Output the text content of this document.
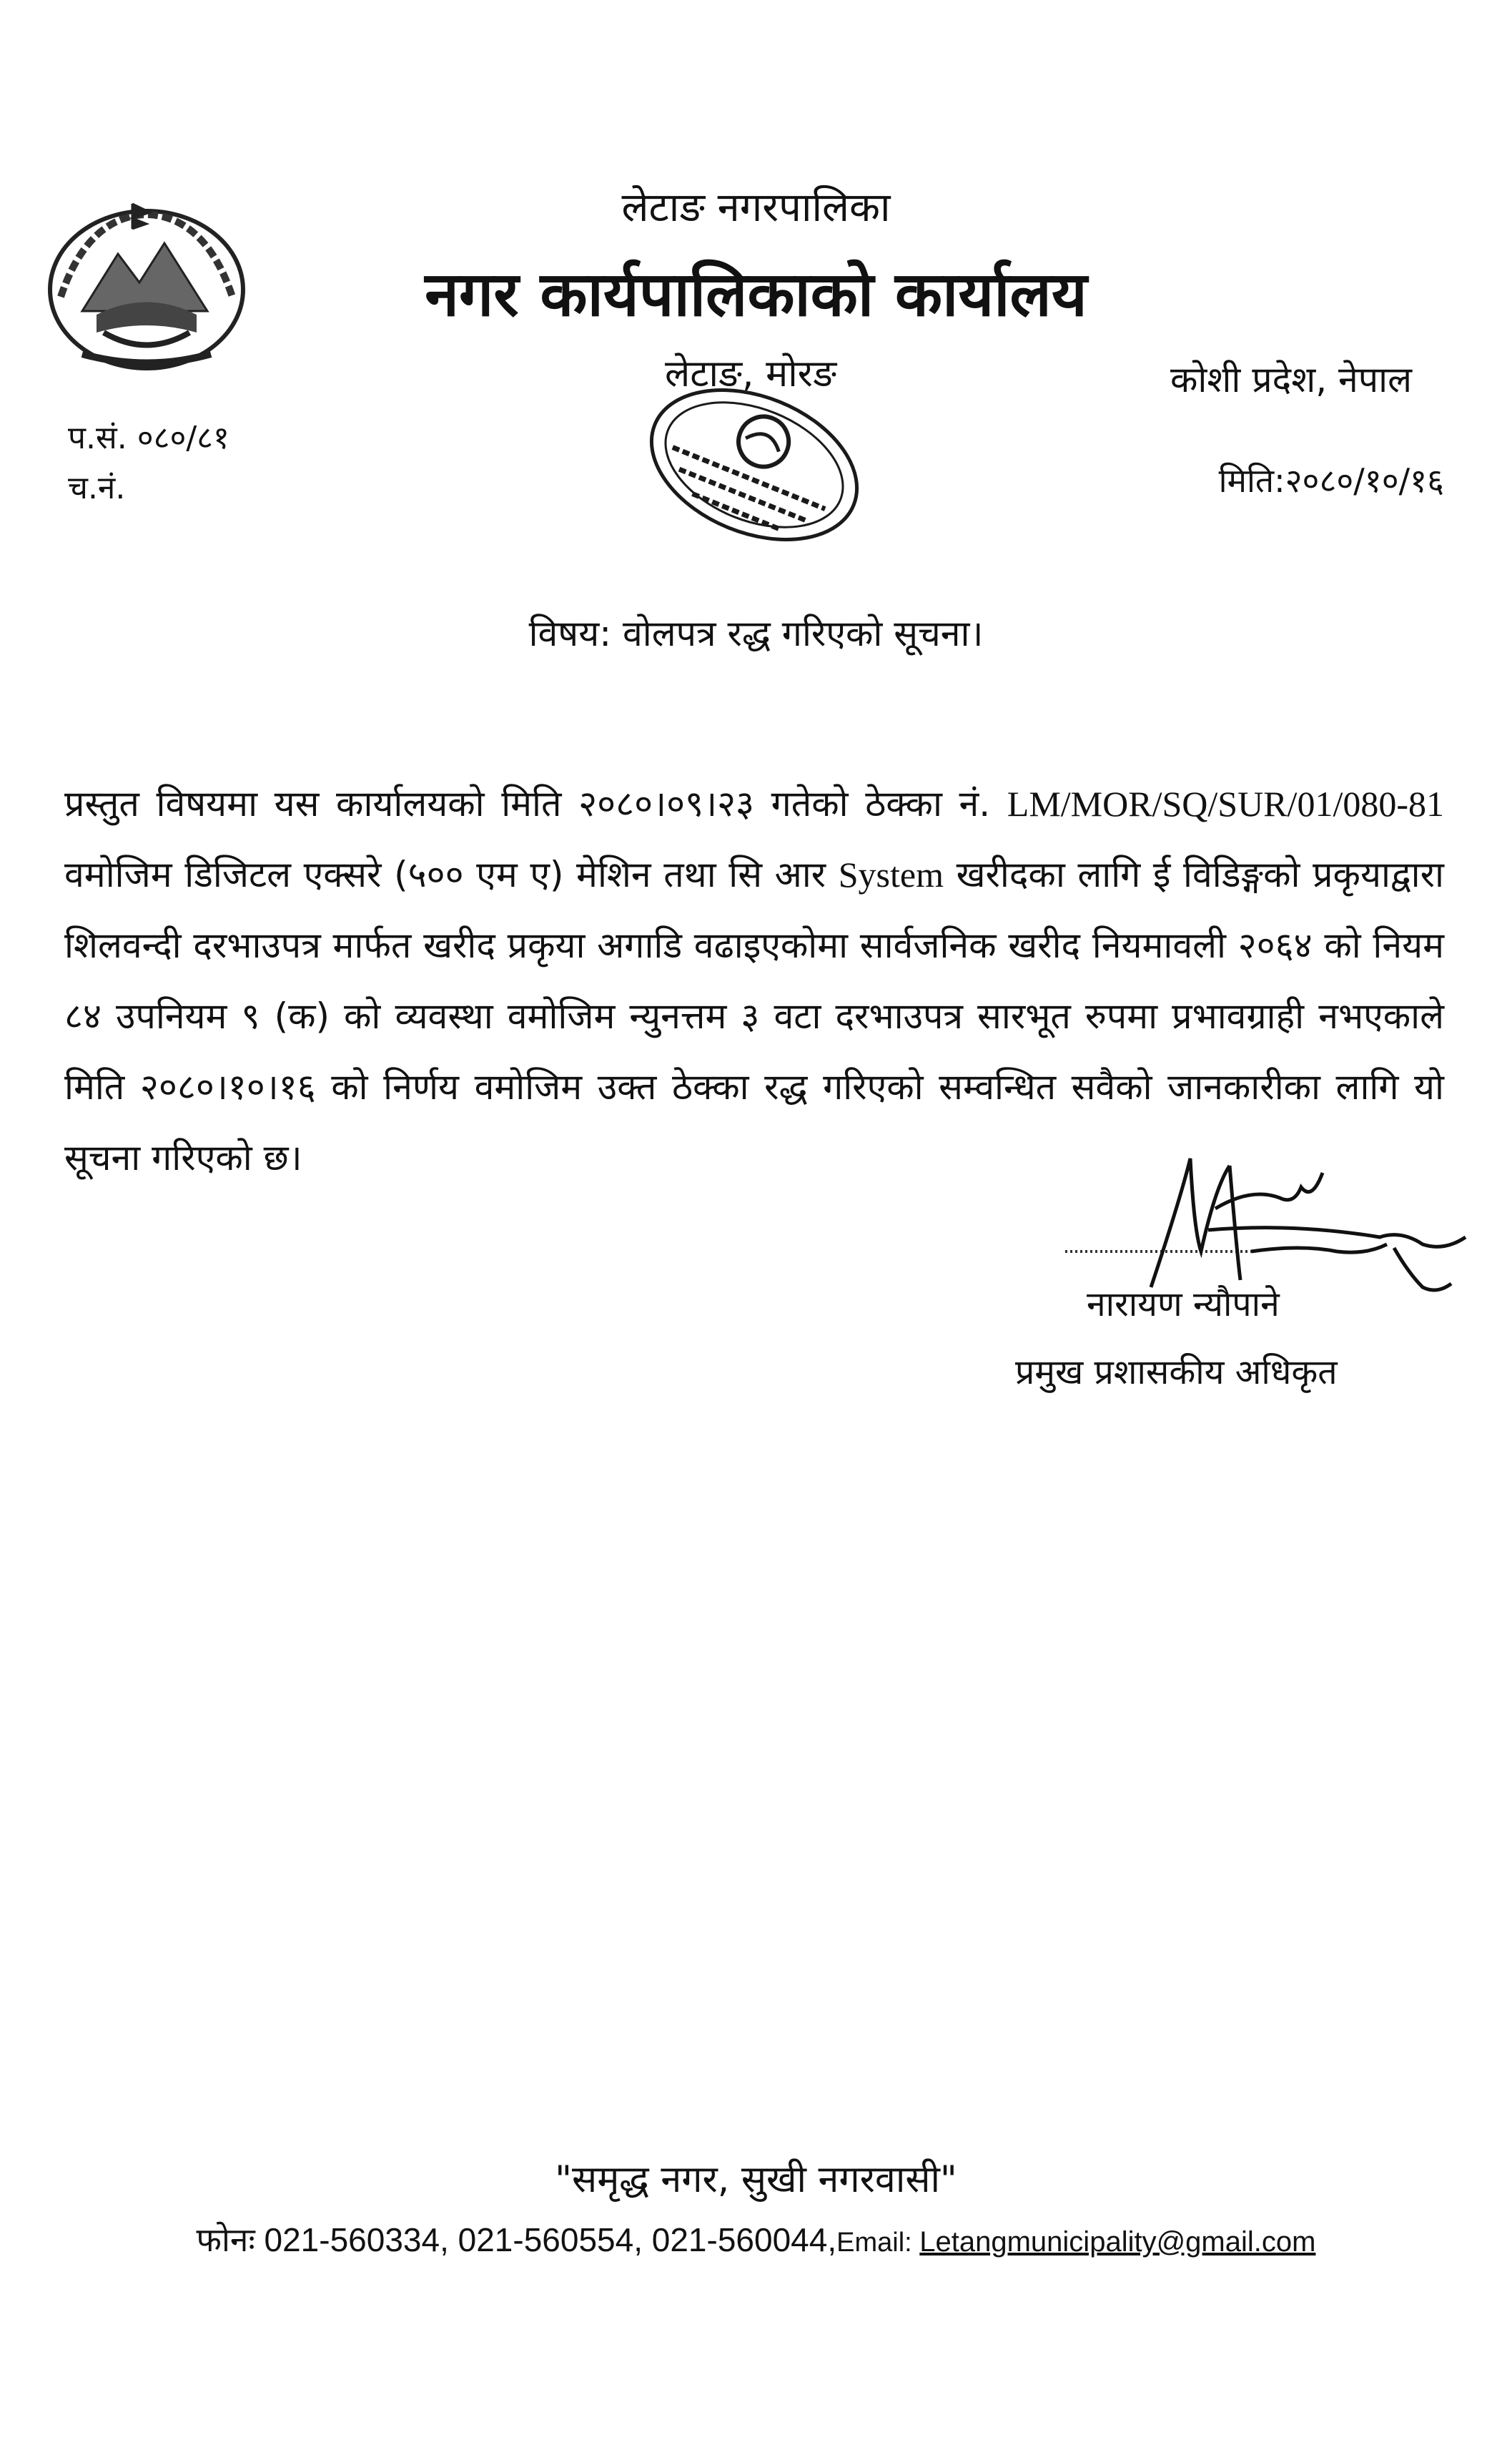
लेटाङ नगरपालिका
नगर कार्यपालिकाको कार्यालय
लेटाङ, मोरङ	कोशी प्रदेश, नेपाल
प.सं. ०८०/८१
च.नं.	मिति:२०८०/१०/१६
विषय: वोलपत्र रद्ध गरिएको सूचना।
प्रस्तुत विषयमा यस कार्यालयको मिति २०८०।०९।२३ गतेको ठेक्का नं. LM/MOR/SQ/SUR/01/080-81 वमोजिम डिजिटल एक्सरे (५०० एम ए) मेशिन तथा सि आर System खरीदका लागि ई विडिङ्गको प्रकृयाद्वारा शिलवन्दी दरभाउपत्र मार्फत खरीद प्रकृया अगाडि वढाइएकोमा सार्वजनिक खरीद नियमावली २०६४ को नियम ८४ उपनियम ९ (क) को व्यवस्था वमोजिम न्युनत्तम ३ वटा दरभाउपत्र सारभूत रुपमा प्रभावग्राही नभएकाले मिति २०८०।१०।१६ को निर्णय वमोजिम उक्त ठेक्का रद्ध गरिएको सम्वन्धित सवैको जानकारीका लागि यो सूचना गरिएको छ।
नारायण न्यौपाने
प्रमुख प्रशासकीय अधिकृत
"समृद्ध नगर, सुखी नगरवासी"
फोनः 021-560334, 021-560554, 021-560044,Email: Letangmunicipality@gmail.com
